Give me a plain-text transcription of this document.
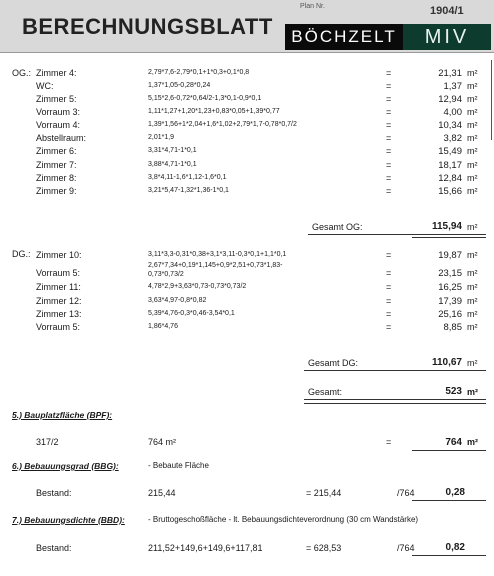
Plan Nr.	1904/1
BERECHNUNGSBLATT	BÖCHZELT	MIV
OG.: Zimmer 4:	2,79*7,6-2,79*0,1+1*0,3+0,1*0,8	=	21,31 m²
WC:	1,37*1,05-0,28*0,24	=	1,37 m²
Zimmer 5:	5,15*2,6-0,72*0,64/2-1,3*0,1-0,9*0,1	=	12,94 m²
Vorraum 3:	1,11*1,27+1,20*1,23+0,83*0,05+1,39*0,77	=	4,00 m²
Vorraum 4:	1,39*1,56+1*2,04+1,6*1,02+2,79*1,7-0,78*0,7/2	=	10,34 m²
Abstellraum:	2,01*1,9	=	3,82 m²
Zimmer 6:	3,31*4,71-1*0,1	=	15,49 m²
Zimmer 7:	3,88*4,71-1*0,1	=	18,17 m²
Zimmer 8:	3,8*4,11-1,6*1,12-1,6*0,1	=	12,84 m²
Zimmer 9:	3,21*5,47-1,32*1,36-1*0,1	=	15,66 m²
Gesamt OG:	115,94 m²
DG.: Zimmer 10:	3,11*3,3-0,31*0,38+3,1*3,11-0,3*0,1+1,1*0,1	=	19,87 m²
Vorraum 5:
2,67*7,34+0,19*1,145+0,9*2,51+0,73*1,83-
0,73*0,73/2	=	23,15 m²
Zimmer 11:	4,78*2,9+3,63*0,73-0,73*0,73/2	=	16,25 m²
Zimmer 12:	3,63*4,97-0,8*0,82	=	17,39 m²
Zimmer 13:	5,39*4,76-0,3*0,46-3,54*0,1	=	25,16 m²
Vorraum 5:	1,86*4,76	=	8,85 m²
Gesamt DG:	110,67 m²
Gesamt:	523 m²
5.) Bauplatzfläche (BPF):
317/2	764 m²	=	764 m²
6.) Bebauungsgrad (BBG):	- Bebaute Fläche
Bestand:	215,44	= 215,44	/764	0,28
7.) Bebauungsdichte (BBD):	- Bruttogeschoßfläche - lt. Bebauungsdichteverordnung (30 cm Wandstärke)
Bestand:	211,52+149,6+149,6+117,81	= 628,53	/764	0,82
